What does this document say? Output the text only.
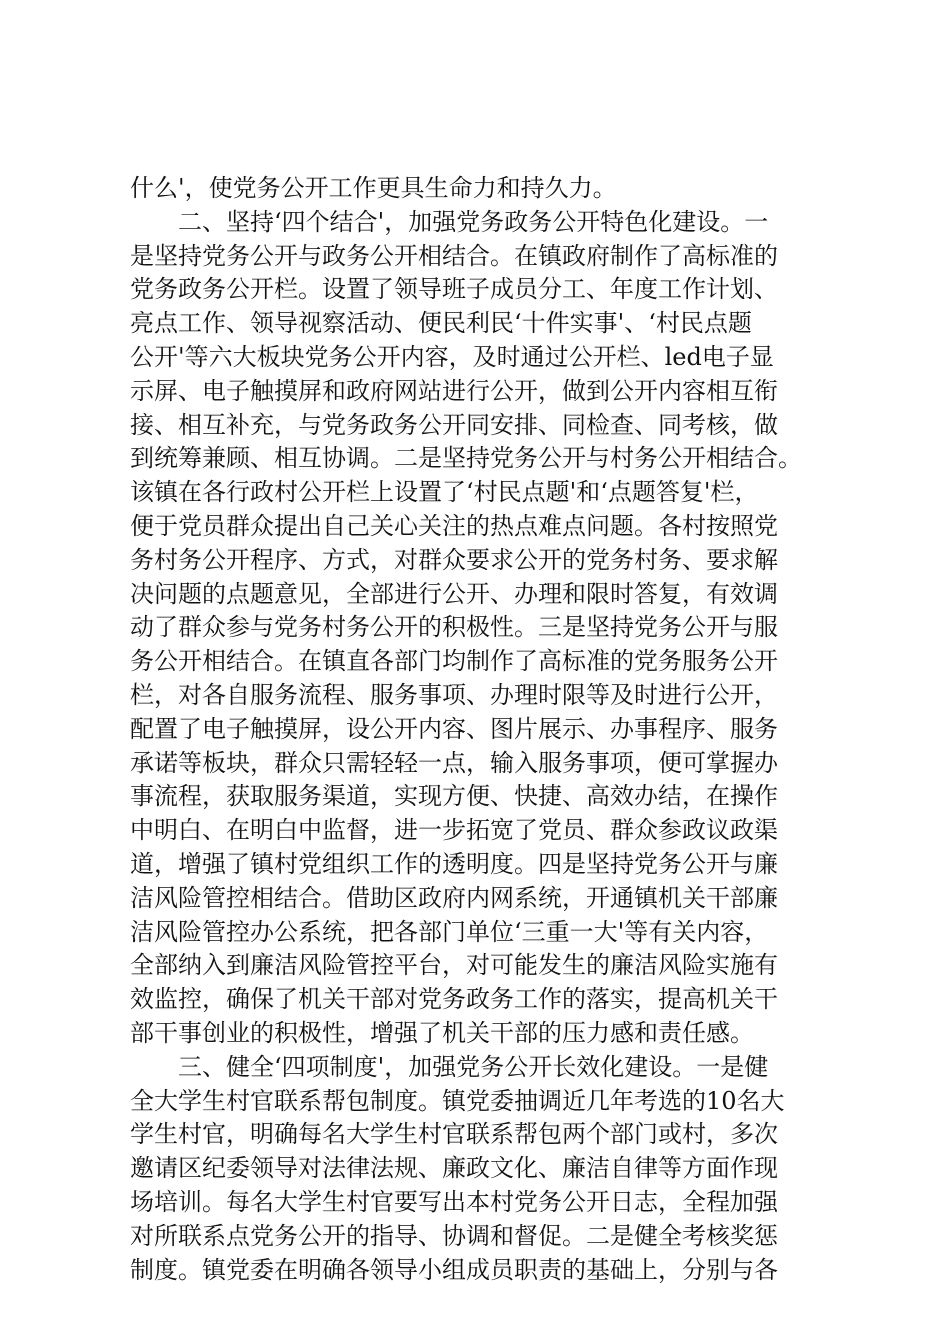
什么'，使党务公开工作更具生命力和持久力。
二、坚持‘四个结合'，加强党务政务公开特色化建设。一
是坚持党务公开与政务公开相结合。在镇政府制作了高标准的
党务政务公开栏。设置了领导班子成员分工、年度工作计划、
亮点工作、领导视察活动、便民利民‘十件实事'、‘村民点题
公开'等六大板块党务公开内容，及时通过公开栏、led电子显
示屏、电子触摸屏和政府网站进行公开，做到公开内容相互衔
接、相互补充，与党务政务公开同安排、同检查、同考核，做
到统筹兼顾、相互协调。二是坚持党务公开与村务公开相结合。
该镇在各行政村公开栏上设置了‘村民点题'和‘点题答复'栏，
便于党员群众提出自己关心关注的热点难点问题。各村按照党
务村务公开程序、方式，对群众要求公开的党务村务、要求解
决问题的点题意见，全部进行公开、办理和限时答复，有效调
动了群众参与党务村务公开的积极性。三是坚持党务公开与服
务公开相结合。在镇直各部门均制作了高标准的党务服务公开
栏，对各自服务流程、服务事项、办理时限等及时进行公开，
配置了电子触摸屏，设公开内容、图片展示、办事程序、服务
承诺等板块，群众只需轻轻一点，输入服务事项，便可掌握办
事流程，获取服务渠道，实现方便、快捷、高效办结，在操作
中明白、在明白中监督，进一步拓宽了党员、群众参政议政渠
道，增强了镇村党组织工作的透明度。四是坚持党务公开与廉
洁风险管控相结合。借助区政府内网系统，开通镇机关干部廉
洁风险管控办公系统，把各部门单位‘三重一大'等有关内容，
全部纳入到廉洁风险管控平台，对可能发生的廉洁风险实施有
效监控，确保了机关干部对党务政务工作的落实，提高机关干
部干事创业的积极性，增强了机关干部的压力感和责任感。
三、健全‘四项制度'，加强党务公开长效化建设。一是健
全大学生村官联系帮包制度。镇党委抽调近几年考选的10名大
学生村官，明确每名大学生村官联系帮包两个部门或村，多次
邀请区纪委领导对法律法规、廉政文化、廉洁自律等方面作现
场培训。每名大学生村官要写出本村党务公开日志，全程加强
对所联系点党务公开的指导、协调和督促。二是健全考核奖惩
制度。镇党委在明确各领导小组成员职责的基础上，分别与各
